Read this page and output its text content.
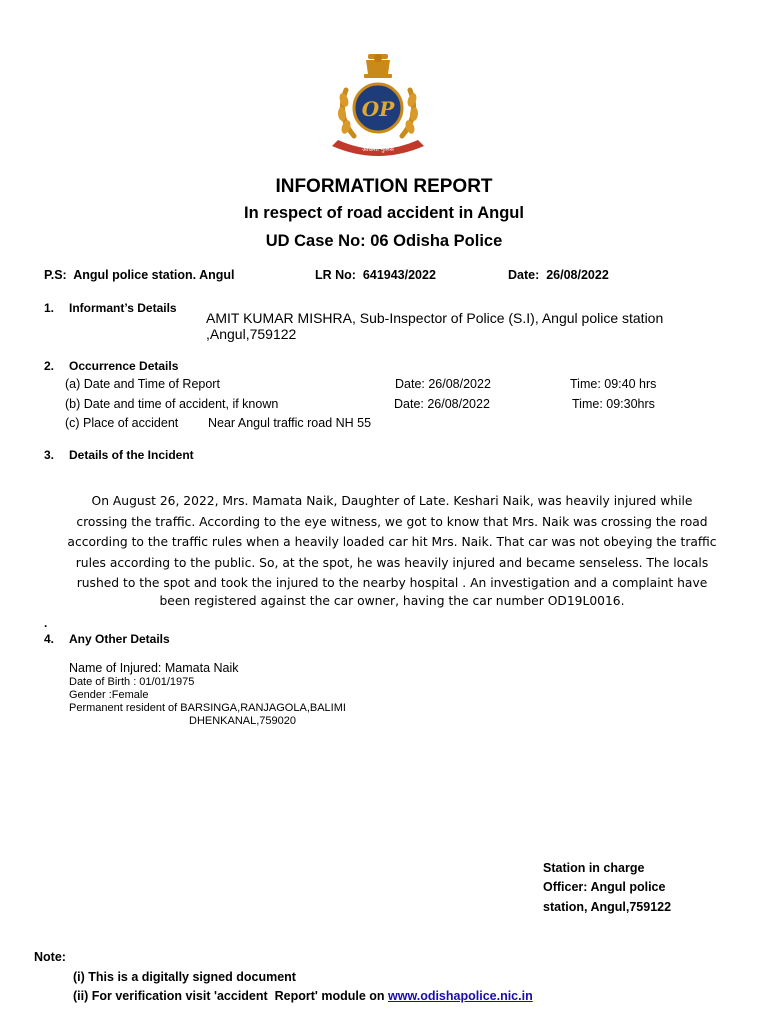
OP
ओडिशा पुलिस
INFORMATION REPORT
In respect of road accident in Angul
UD Case No: 06 Odisha Police
P.S: Angul police station. Angul	LR No: 641943/2022	Date: 26/08/2022
1. Informant’s Details
AMIT KUMAR MISHRA, Sub-Inspector of Police (S.I), Angul police station
,Angul,759122
2. Occurrence Details
(a) Date and Time of Report	Date: 26/08/2022	Time: 09:40 hrs
(b) Date and time of accident, if known	Date: 26/08/2022	Time: 09:30hrs
(c) Place of accident Near Angul traffic road NH 55
3. Details of the Incident
On August 26, 2022, Mrs. Mamata Naik, Daughter of Late. Keshari Naik, was heavily injured while
crossing the traffic. According to the eye witness, we got to know that Mrs. Naik was crossing the road
according to the traffic rules when a heavily loaded car hit Mrs. Naik. That car was not obeying the traffic
rules according to the public. So, at the spot, he was heavily injured and became senseless. The locals
rushed to the spot and took the injured to the nearby hospital . An investigation and a complaint have
been registered against the car owner, having the car number OD19L0016.
.
4. Any Other Details
Name of Injured: Mamata Naik
Date of Birth : 01/01/1975
Gender :Female
Permanent resident of BARSINGA,RANJAGOLA,BALIMI
DHENKANAL,759020
Station in charge
Officer: Angul police
station, Angul,759122
Note:
(i) This is a digitally signed document
(ii) For verification visit 'accident  Report' module on www.odishapolice.nic.in
